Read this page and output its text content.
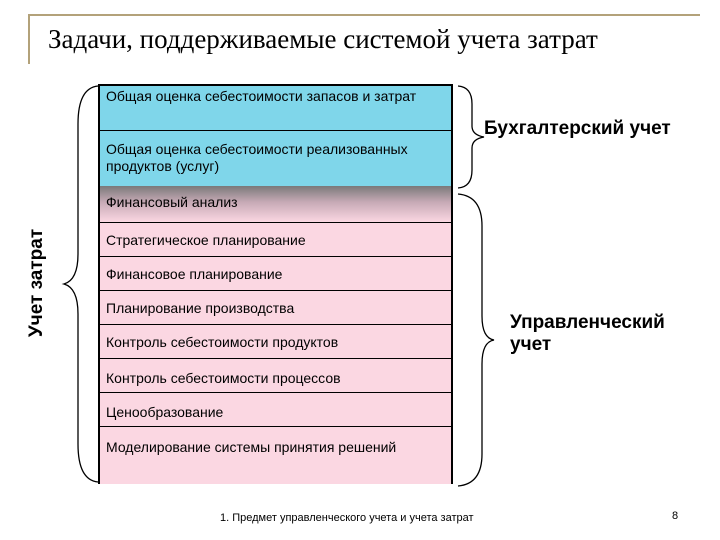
Задачи, поддерживаемые системой учета затрат
Учет затрат
Общая оценка себестоимости запасов и затрат
Общая оценка себестоимости реализованных продуктов (услуг)
Финансовый анализ
Стратегическое планирование
Финансовое планирование
Планирование производства
Контроль себестоимости продуктов
Контроль себестоимости процессов
Ценообразование
Моделирование системы принятия решений
Бухгалтерский учет
Управленческий учет
1. Предмет управленческого учета и учета затрат	8
